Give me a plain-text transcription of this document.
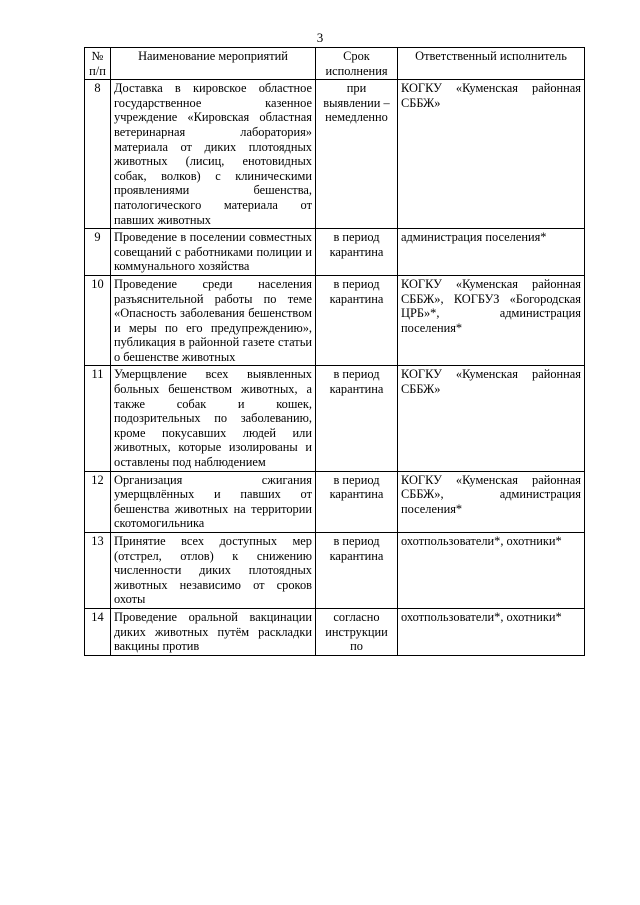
3
№ п/п	Наименование мероприятий	Срок исполнения	Ответственный исполнитель
8	Доставка в кировское областное государственное казенное учреждение «Кировская областная ветеринарная лаборатория» материала от диких плотоядных животных (лисиц, енотовидных собак, волков) с клиническими проявлениями бешенства, патологического материала от павших животных	при выявлении – немедленно	КОГКУ «Куменская районная СББЖ»
9	Проведение в поселении совместных совещаний с работниками полиции и коммунального хозяйства	в период карантина	администрация поселения*
10	Проведение среди населения разъяснительной работы по теме «Опасность заболевания бешенством и меры по его предупреждению», публикация в районной газете статьи о бешенстве животных	в период карантина	КОГКУ «Куменская районная СББЖ», КОГБУЗ «Богородская ЦРБ»*, администрация поселения*
11	Умерщвление всех выявленных больных бешенством животных, а также собак и кошек, подозрительных по заболеванию, кроме покусавших людей или животных, которые изолированы и оставлены под наблюдением	в период карантина	КОГКУ «Куменская районная СББЖ»
12	Организация сжигания умерщвлённых и павших от бешенства животных на территории скотомогильника	в период карантина	КОГКУ «Куменская районная СББЖ», администрация поселения*
13	Принятие всех доступных мер (отстрел, отлов) к снижению численности диких плотоядных животных независимо от сроков охоты	в период карантина	охотпользователи*, охотники*
14	Проведение оральной вакцинации диких животных путём раскладки вакцины против	согласно инструкции по	охотпользователи*, охотники*
